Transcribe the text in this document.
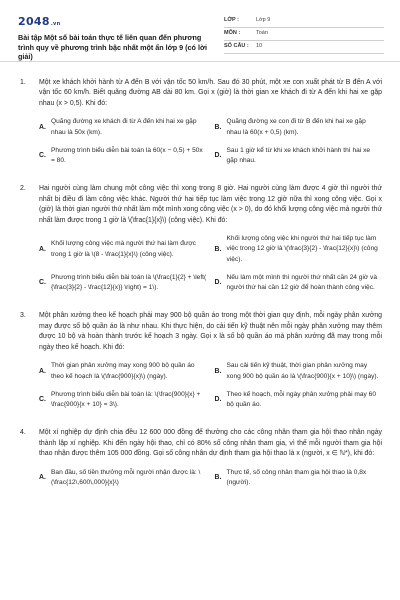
2048.vn
Bài tập Một số bài toán thực tế liên quan đến phương trình quy về phương trình bậc nhất một ẩn lớp 9 (có lời giải)
LỚP :	Lớp 9
MÔN :	Toán
SỐ CÂU :	10
1. Một xe khách khởi hành từ A đến B với vận tốc 50 km/h. Sau đó 30 phút, một xe con xuất phát từ B đến A với vận tốc 60 km/h. Biết quãng đường AB dài 80 km. Gọi x (giờ) là thời gian xe khách đi từ A đến khi hai xe gặp nhau (x > 0,5). Khi đó:
A.
Quãng đường xe khách đi từ A đến khi hai xe gặp nhau là 50x (km).
B.
Quãng đường xe con đi từ B đến khi hai xe gặp nhau là 60(x + 0,5) (km).
C.
Phương trình biểu diễn bài toán là 60(x − 0,5) + 50x = 80.
D.
Sau 1 giờ kể từ khi xe khách khởi hành thì hai xe gặp nhau.
2. Hai người cùng làm chung một công việc thì xong trong 8 giờ. Hai người cùng làm được 4 giờ thì người thứ nhất bị điều đi làm công việc khác. Người thứ hai tiếp tục làm việc trong 12 giờ nữa thì xong công việc. Gọi x (giờ) là thời gian người thứ nhất làm một mình xong công việc (x > 0), do đó khối lượng công việc mà người thứ nhất làm được trong 1 giờ là \(\frac{1}{x}\) (công việc). Khi đó:
A.
Khối lượng công việc mà người thứ hai làm được trong 1 giờ là \(8 - \frac{1}{x}\) (công việc).
B.
Khối lượng công việc khi người thứ hai tiếp tục làm việc trong 12 giờ là \(\frac{3}{2} - \frac{12}{x}\) (công việc).
C.
Phương trình biểu diễn bài toán là \(\frac{1}{2} + \left( {\frac{3}{2} - \frac{12}{x}} \right) = 1\).
D.
Nếu làm một mình thì người thứ nhất cần 24 giờ và người thứ hai cần 12 giờ để hoàn thành công việc.
3. Một phân xưởng theo kế hoạch phải may 900 bộ quần áo trong một thời gian quy định, mỗi ngày phân xưởng may được số bộ quần áo là như nhau. Khi thực hiện, do cải tiến kỹ thuật nên mỗi ngày phân xưởng may thêm được 10 bộ và hoàn thành trước kế hoạch 3 ngày. Gọi x là số bộ quần áo mà phân xưởng đã may trong mỗi ngày theo kế hoạch. Khi đó:
A.
Thời gian phân xưởng may xong 900 bộ quần áo theo kế hoạch là \(\frac{900}{x}\) (ngày).
B.
Sau cải tiến kỹ thuật, thời gian phân xưởng may xong 900 bộ quần áo là \(\frac{900}{x + 10}\) (ngày).
C.
Phương trình biểu diễn bài toán là: \(\frac{900}{x} + \frac{900}{x + 10} = 3\).
D.
Theo kế hoạch, mỗi ngày phân xưởng phải may 60 bộ quần áo.
4. Một xí nghiệp dự định chia đều 12 600 000 đồng để thưởng cho các công nhân tham gia hội thao nhân ngày thành lập xí nghiệp. Khi đến ngày hội thao, chỉ có 80% số công nhân tham gia, vì thế mỗi người tham gia hội thao nhận được thêm 105 000 đồng. Gọi số công nhân dự định tham gia hội thao là x (người, x ∈ ℕ*), khi đó:
A.
Ban đầu, số tiền thưởng mỗi người nhận được là: \(\frac{12\,600\,000}{x}\)
B.
Thực tế, số công nhân tham gia hội thao là 0,8x (người).
